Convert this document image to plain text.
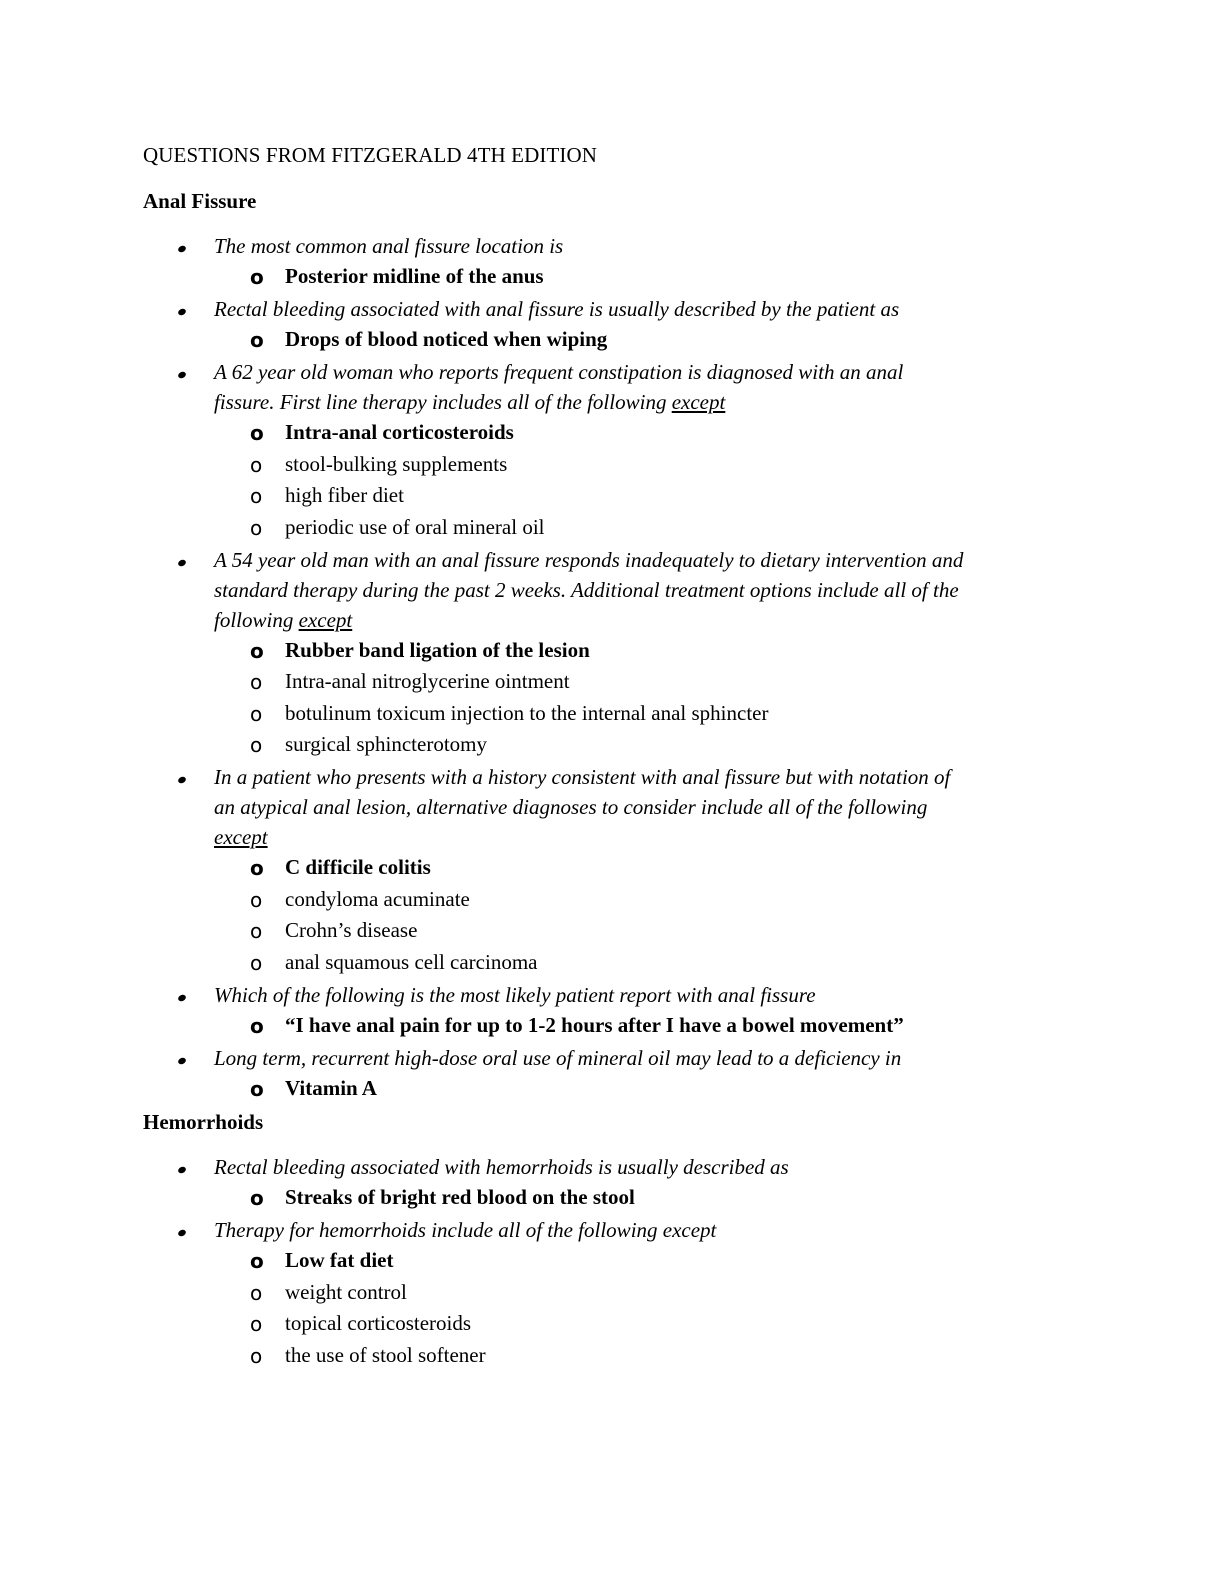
QUESTIONS FROM FITZGERALD 4TH EDITION
Anal Fissure
The most common anal fissure location is
o Posterior midline of the anus
Rectal bleeding associated with anal fissure is usually described by the patient as
o Drops of blood noticed when wiping
A 62 year old woman who reports frequent constipation is diagnosed with an anal
fissure. First line therapy includes all of the following except
o Intra-anal corticosteroids
o stool-bulking supplements
o high fiber diet
o periodic use of oral mineral oil
A 54 year old man with an anal fissure responds inadequately to dietary intervention and
standard therapy during the past 2 weeks. Additional treatment options include all of the
following except
o Rubber band ligation of the lesion
o Intra-anal nitroglycerine ointment
o botulinum toxicum injection to the internal anal sphincter
o surgical sphincterotomy
In a patient who presents with a history consistent with anal fissure but with notation of
an atypical anal lesion, alternative diagnoses to consider include all of the following
except
o C difficile colitis
o condyloma acuminate
o Crohn’s disease
o anal squamous cell carcinoma
Which of the following is the most likely patient report with anal fissure
o “I have anal pain for up to 1-2 hours after I have a bowel movement”
Long term, recurrent high-dose oral use of mineral oil may lead to a deficiency in
o Vitamin A
Hemorrhoids
Rectal bleeding associated with hemorrhoids is usually described as
o Streaks of bright red blood on the stool
Therapy for hemorrhoids include all of the following except
o Low fat diet
o weight control
o topical corticosteroids
o the use of stool softener
